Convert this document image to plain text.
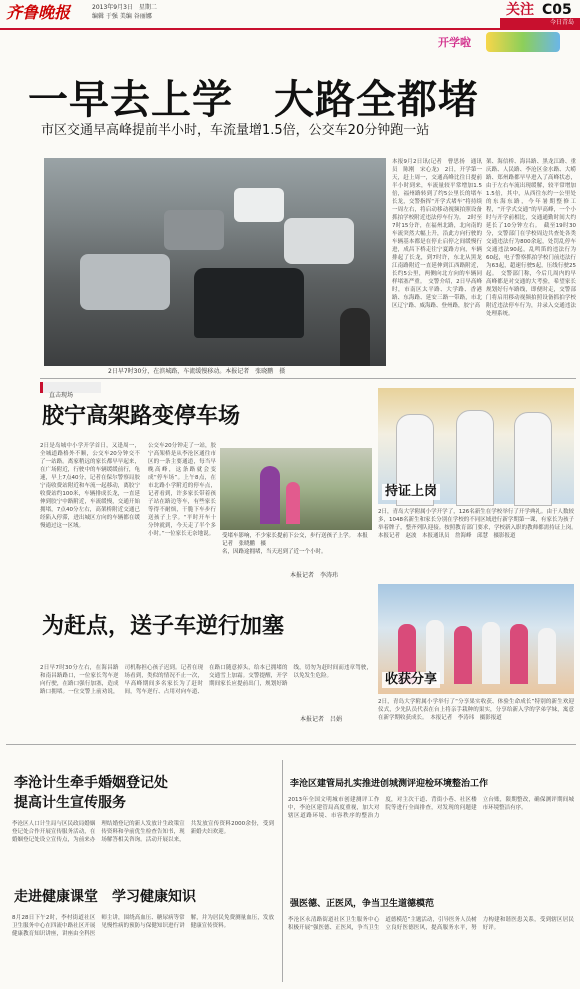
齐鲁晚报	2013年9月3日　星期二
编辑 于强 美编 谷丽娜	关注 C05
今日青岛
开学啦
一早去上学　大路全都堵
市区交通早高峰提前半小时，车流量增1.5倍，公交车20分钟跑一站
2日早7时30分，在滨城路，车流缓慢移动。本报记者　张晓鹏　摄
本报9月2日讯(记者　曹思扬　通讯员　陈刚　宋心龙)　2日，开学第一天，赶上周一，交通高峰比往日提前半小时到来，车流量较平常增加1.5倍，福州路转到了约5公里长的堵车长龙，交警指挥“开学式堵车”将持续一周左右，将启动移动视频拍照设备抓拍学校附近违法停车行为。　2时至7时15分许，在福州北路，北向南的车流突然大幅上升，沿此方向行驶的车辆基本都是在停止启停之间缓慢行进，成昌下桥走往宁夏路方向，车辆排起了长龙，到7时许，东北从黑龙江南路附近一直延伸到江西路附近，长约5公里，两侧向北方向的车辆同样堵塞严重。　交警介绍，2日早高峰时，市南区太平路、大学路、香港路、东海路、延安三路一带路，市北区辽宁路、威海路、登州路，胶宁高
架、海信桥、海昌路、黑龙江路、重庆路、人民路、李沧区金水路、大崂路、郑州路都早早进入了高峰状态，由于左右车流出现缓解，较平常增加1.5倍，其中，从西往东约一公里处的东海东路，今年暑期整修工程，“开学式交通”的早高峰，一个小时与开学前相比，交通通勤时间大约延长了10分钟左右。　截至19时30分，交警部门在学校周边共查处各类交通违法行为800余起，处罚乱停车交通违法90起，乱鸣笛的违法行为60起，电子警察抓拍学校门前违法行为63起，超速行驶5起，压线行驶25起。　交警部门称，今后几周内的早高峰都是对交通的大考验，希望家长规划好行车路线，即便时走，交警部门将启用移动视频拍照设备抓拍学校附近违法停车行为，并录入交通违法处理系统。
直击现场
胶宁高架路变停车场
2日是岛城中小学开学首日，又逢周一，全城道路格外不顺，公交车20分钟交不了一站路。离家稍远的家长都早早起来，在广场附近，行驶中的车辆缓缓前行，龟速，早上7点40分，记者在保尔警察局胶宁南收费站附近和车流一起移动，离胶宁收费站约100米，车辆排成长龙，一直延伸到胶宁中路附近，车流缓慢，交通开始拥堵，7点40分左右，高架桥附近交通已经陷入停滞，进出城区方向的车辆都在缓慢通过这一区域。
公交车20分钟走了一站，胶宁高架桥是从李沧区通往市区的一条主要通道，每当早晚高峰，这条路就会变成“停车场”。上午8点，在市北路小学附近的停车点，记者看到，许多家长带着孩子站在路边等车，有些家长等得不耐烦，干脆下车步行送孩子上学。“平时开车十分钟就到，今天走了半个多小时。”一位家长无奈地说。	受堵车影响，不少家长提前下公交，步行送孩子上学。　本报记者　张晓鹏　摄
名，因路途拥堵，当天迟到了近一个小时。
本报记者　李涛玮
持证上岗
2日，青岛大学附属小学开学了，126名新生在学校举行了开学典礼。由于人数较多，1048名新生和家长分别在学校的不同区域进行新学期第一课，有家长为孩子举着牌子，整齐列队迎接。按照教育部门要求，学校新入职的教师都需持证上岗。　本报记者　赵波　本报通讯员　詹海峰　邱慧　摄影报道
为赶点，送子车逆行加塞
2日早7时30分左右，在海昌路和南昌路路口，一位家长驾车逆向行驶，在路口强行加塞，造成路口拥堵。一位交警上前劝说，司机称担心孩子迟到。记者在现场看到，类似的情况不止一次，早高峰期间多名家长为了赶时间，驾车逆行、占用对向车道、在路口随意掉头，给本已拥堵的交通雪上加霜。交警提醒，开学期间家长应提前出门，规划好路线，切勿为赶时间而违章驾驶，以免发生危险。
本报记者　吕娟
收获分享
2日，青岛大学附属小学举行了“分享果实收获、体验生命成长”特别的新生欢迎仪式，少先队员代表在台上将亲手栽种的果实，分享给新入学的学弟学妹，寓意在新学期收获成长。　本报记者　李涛玮　摄影报道
李沧计生牵手婚姻登记处
提高计生宣传服务
李沧区人口计生局与区民政局婚姻登记处合作开展宣传服务活动，在婚姻登记处设立宣传点，为前来办理结婚登记的新人发放计生政策宣传资料和孕前优生检查告知书，现场解答相关咨询。活动开展以来，共发放宣传资料2000余份，受到新婚夫妇欢迎。
走进健康课堂　学习健康知识
8月28日下午2时，李村街道社区卫生服务中心在四流中路社区开展健康教育知识讲座，讲座由全科医师主讲，围绕高血压、糖尿病等常见慢性病的预防与保健知识进行讲解，并为居民免费测量血压，发放健康宣传资料。
李沧区建管局扎实推进创城测评迎检环境整治工作
2013年全国文明城市创建测评工作中，李沧区建管局高度重视，加大对辖区道路环境、市容秩序的整治力度，对主次干道、背街小巷、社区楼院等进行全面排查，对发现的问题建立台账，限期整改，确保测评期间城市环境整洁有序。
强医德、正医风，争当卫生道德模范
李沧区永清路街道社区卫生服务中心积极开展“强医德、正医风，争当卫生道德模范”主题活动，引导医务人员树立良好医德医风，提高服务水平，努力构建和谐医患关系，受到辖区居民好评。
